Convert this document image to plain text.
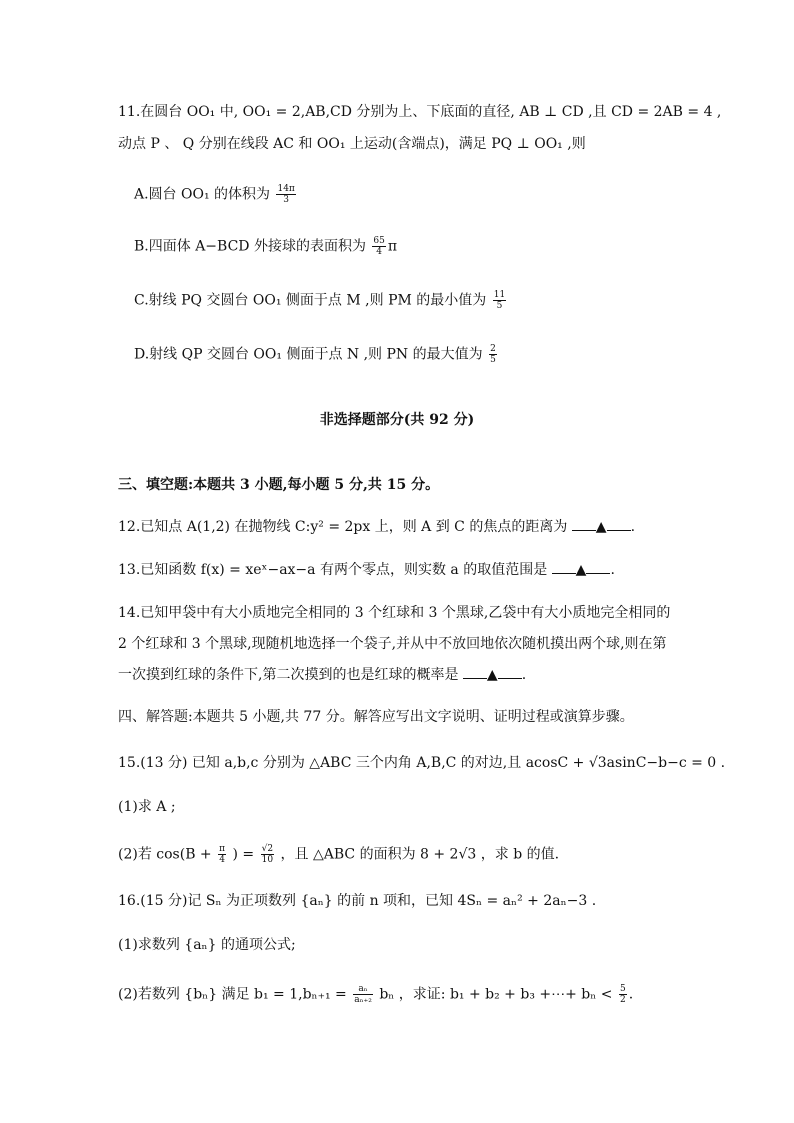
11.在圆台 OO₁ 中, OO₁ = 2,AB,CD 分别为上、下底面的直径, AB ⊥ CD ,且 CD = 2AB = 4 ,
动点 P 、 Q 分别在线段 AC 和 OO₁ 上运动(含端点)，满足 PQ ⊥ OO₁ ,则
A.圆台 OO₁ 的体积为 $\frac{14\pi}{3}$
B.四面体 A−BCD 外接球的表面积为 $\frac{65}{4}$ π
C.射线 PQ 交圆台 OO₁ 侧面于点 M ,则 PM 的最小值为 $\frac{11}{5}$
D.射线 QP 交圆台 OO₁ 侧面于点 N ,则 PN 的最大值为 $\frac{2}{5}$
非选择题部分(共 92 分)
三、填空题:本题共 3 小题,每小题 5 分,共 15 分。
12.已知点 A(1,2) 在抛物线 C:y² = 2px 上，则 A 到 C 的焦点的距离为 ▲ .
13.已知函数 f(x) = xeˣ−ax−a 有两个零点，则实数 a 的取值范围是 ▲ .
14.已知甲袋中有大小质地完全相同的 3 个红球和 3 个黑球,乙袋中有大小质地完全相同的
2 个红球和 3 个黑球,现随机地选择一个袋子,并从中不放回地依次随机摸出两个球,则在第
一次摸到红球的条件下,第二次摸到的也是红球的概率是 ▲ .
四、解答题:本题共 5 小题,共 77 分。解答应写出文字说明、证明过程或演算步骤。
15.(13 分) 已知 a,b,c 分别为 △ABC 三个内角 A,B,C 的对边,且 acosC + √3asinC−b−c = 0 .
(1)求 A ;
(2)若 $\cos(B + \frac{\pi}{4}$ ) = $\frac{√2}{10}$ ，且 △ABC 的面积为 8 + 2√3 ，求 b 的值.
16.(15 分)记 Sₙ 为正项数列 {aₙ} 的前 n 项和，已知 4Sₙ = aₙ² + 2aₙ−3 .
(1)求数列 {aₙ} 的通项公式;
(2)若数列 {bₙ} 满足 $b_1 = 1,b_{n+1} = \frac{\text{aₙ}}{\text{aₙ₊₂}}$ bₙ ，求证: b₁ + b₂ + b₃ +⋯+ $b_n < \frac{5}{2}$ .
